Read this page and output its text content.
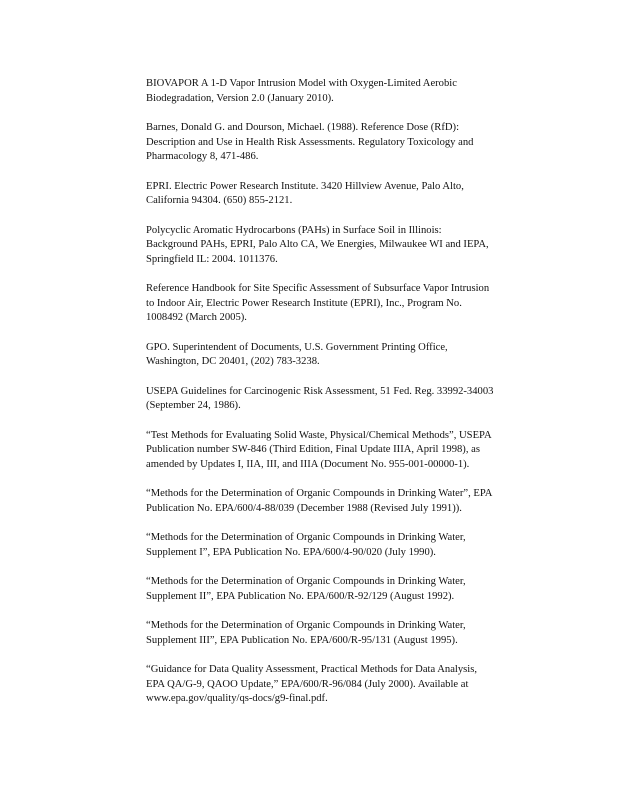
BIOVAPOR A 1-D Vapor Intrusion Model with Oxygen-Limited Aerobic
Biodegradation, Version 2.0 (January 2010).

Barnes, Donald G. and Dourson, Michael. (1988). Reference Dose (RfD):
Description and Use in Health Risk Assessments. Regulatory Toxicology and
Pharmacology 8, 471-486.

EPRI. Electric Power Research Institute. 3420 Hillview Avenue, Palo Alto,
California 94304. (650) 855-2121.

Polycyclic Aromatic Hydrocarbons (PAHs) in Surface Soil in Illinois:
Background PAHs, EPRI, Palo Alto CA, We Energies, Milwaukee WI and IEPA,
Springfield IL: 2004. 1011376.

Reference Handbook for Site Specific Assessment of Subsurface Vapor Intrusion
to Indoor Air, Electric Power Research Institute (EPRI), Inc., Program No.
1008492 (March 2005).

GPO. Superintendent of Documents, U.S. Government Printing Office,
Washington, DC 20401, (202) 783-3238.

USEPA Guidelines for Carcinogenic Risk Assessment, 51 Fed. Reg. 33992-34003
(September 24, 1986).

“Test Methods for Evaluating Solid Waste, Physical/Chemical Methods”, USEPA
Publication number SW-846 (Third Edition, Final Update IIIA, April 1998), as
amended by Updates I, IIA, III, and IIIA (Document No. 955-001-00000-1).

“Methods for the Determination of Organic Compounds in Drinking Water”, EPA
Publication No. EPA/600/4-88/039 (December 1988 (Revised July 1991)).

“Methods for the Determination of Organic Compounds in Drinking Water,
Supplement I”, EPA Publication No. EPA/600/4-90/020 (July 1990).

“Methods for the Determination of Organic Compounds in Drinking Water,
Supplement II”, EPA Publication No. EPA/600/R-92/129 (August 1992).

“Methods for the Determination of Organic Compounds in Drinking Water,
Supplement III”, EPA Publication No. EPA/600/R-95/131 (August 1995).

“Guidance for Data Quality Assessment, Practical Methods for Data Analysis,
EPA QA/G-9, QAOO Update,” EPA/600/R-96/084 (July 2000). Available at
www.epa.gov/quality/qs-docs/g9-final.pdf.
